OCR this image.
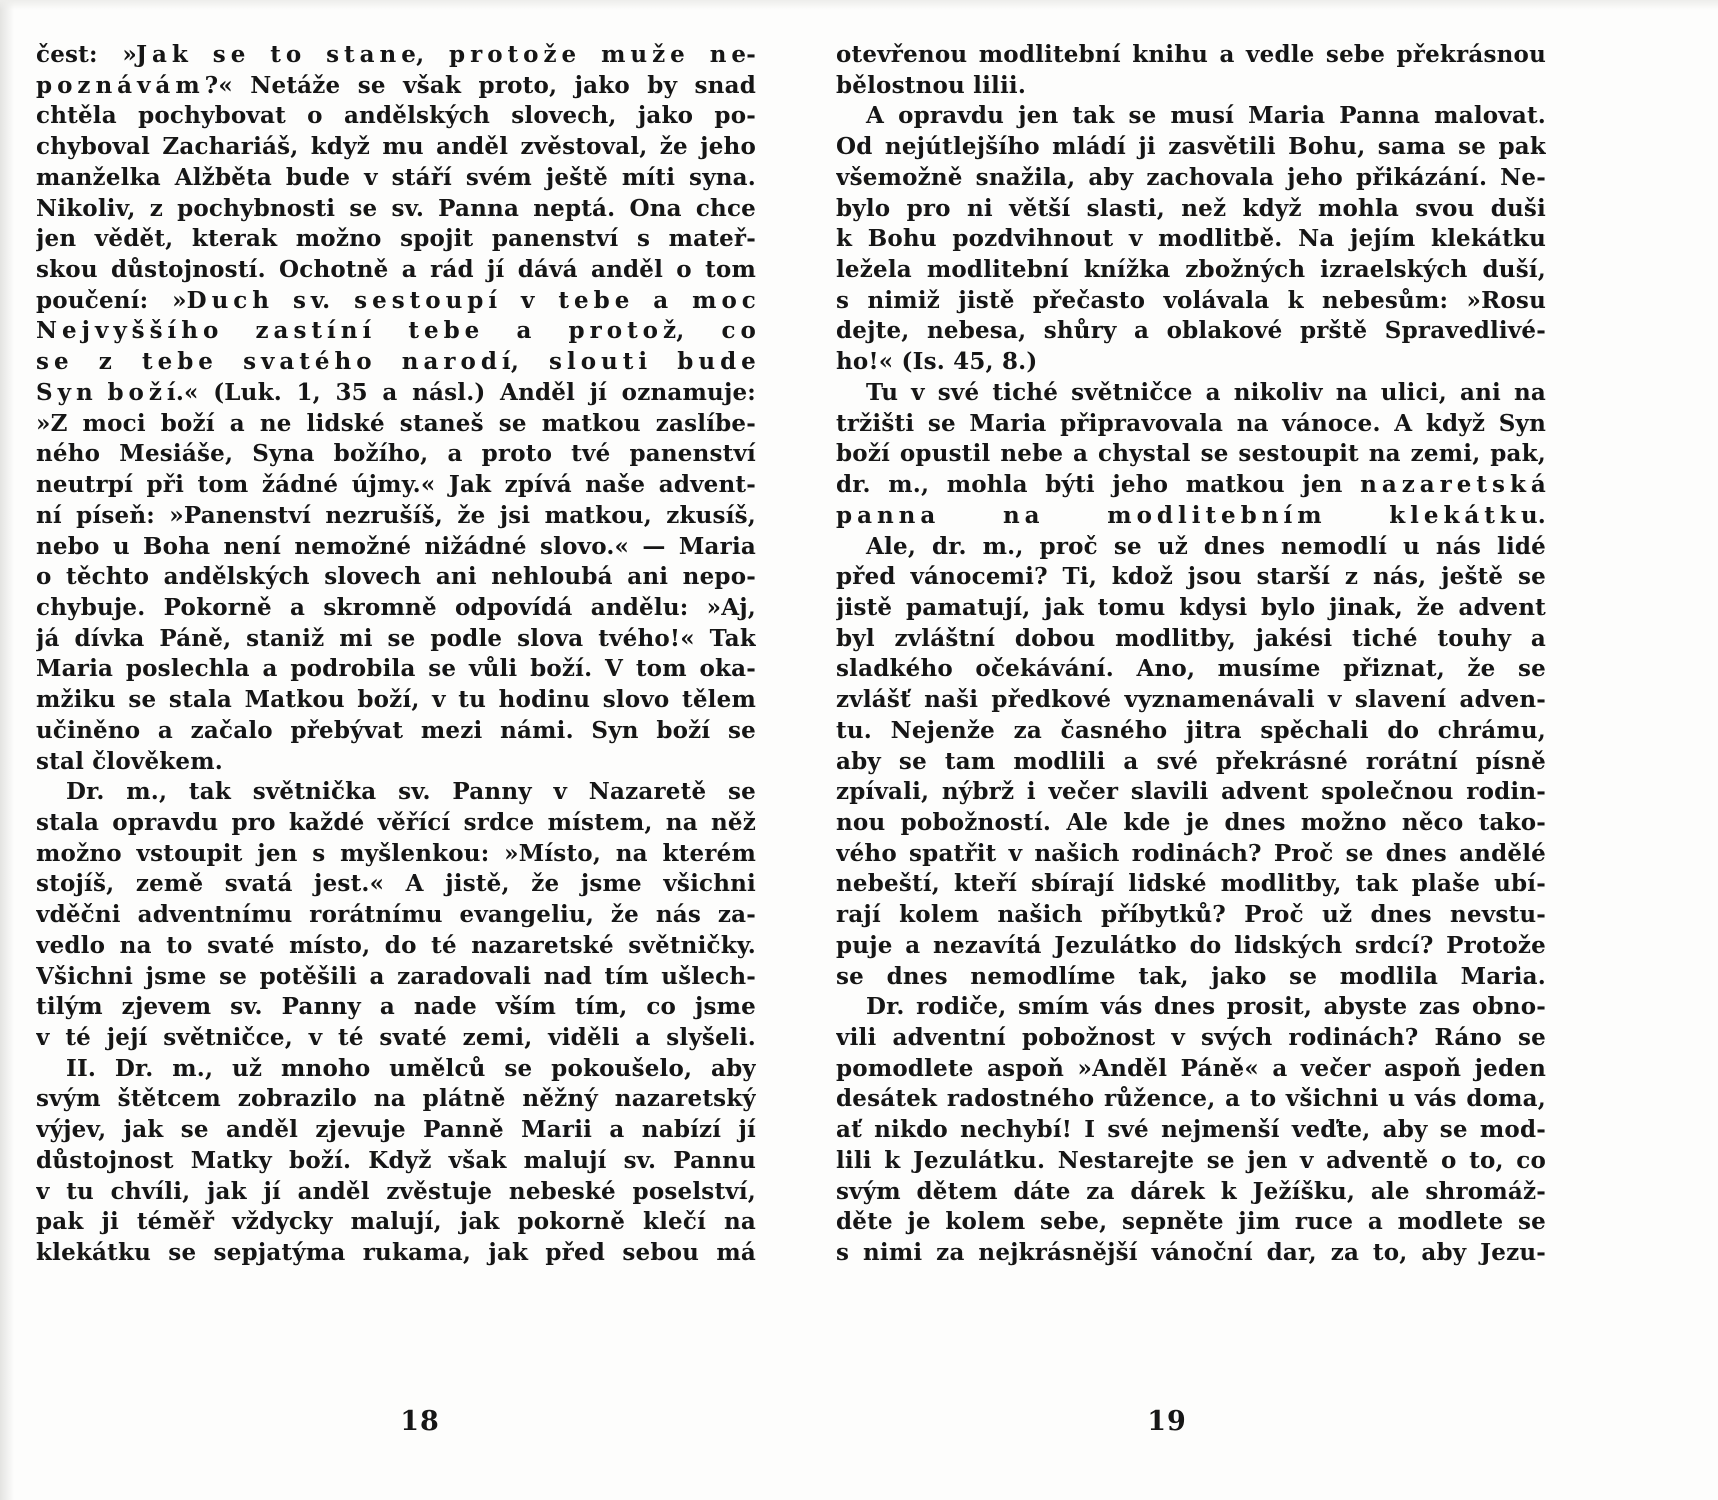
čest: »J a k s e t o s t a n e, p r o t o ž e m u ž e n e-
p o z n á v á m ?« Netáže se však proto, jako by snad
chtěla pochybovat o andělských slovech, jako po-
chyboval Zachariáš, když mu anděl zvěstoval, že jeho
manželka Alžběta bude v stáří svém ještě míti syna.
Nikoliv, z pochybnosti se sv. Panna neptá. Ona chce
jen vědět, kterak možno spojit panenství s mateř-
skou důstojností. Ochotně a rád jí dává anděl o tom
poučení: »D u c h s v. s e s t o u p í v t e b e a m o c
N e j v y š š í h o z a s t í n í t e b e a p r o t o ž, c o
s e z t e b e s v a t é h o n a r o d í, s l o u t i b u d e
S y n b o ž í.« (Luk. 1, 35 a násl.) Anděl jí oznamuje:
»Z moci boží a ne lidské staneš se matkou zaslíbe-
ného Mesiáše, Syna božího, a proto tvé panenství
neutrpí při tom žádné újmy.« Jak zpívá naše advent-
ní píseň: »Panenství nezrušíš, že jsi matkou, zkusíš,
nebo u Boha není nemožné nižádné slovo.« — Maria
o těchto andělských slovech ani nehloubá ani nepo-
chybuje. Pokorně a skromně odpovídá andělu: »Aj,
já dívka Páně, staniž mi se podle slova tvého!« Tak
Maria poslechla a podrobila se vůli boží. V tom oka-
mžiku se stala Matkou boží, v tu hodinu slovo tělem
učiněno a začalo přebývat mezi námi. Syn boží se
stal člověkem.
Dr. m., tak světnička sv. Panny v Nazaretě se
stala opravdu pro každé věřící srdce místem, na něž
možno vstoupit jen s myšlenkou: »Místo, na kterém
stojíš, země svatá jest.« A jistě, že jsme všichni
vděčni adventnímu rorátnímu evangeliu, že nás za-
vedlo na to svaté místo, do té nazaretské světničky.
Všichni jsme se potěšili a zaradovali nad tím ušlech-
tilým zjevem sv. Panny a nade vším tím, co jsme
v té její světničce, v té svaté zemi, viděli a slyšeli.
II. Dr. m., už mnoho umělců se pokoušelo, aby
svým štětcem zobrazilo na plátně něžný nazaretský
výjev, jak se anděl zjevuje Panně Marii a nabízí jí
důstojnost Matky boží. Když však malují sv. Pannu
v tu chvíli, jak jí anděl zvěstuje nebeské poselství,
pak ji téměř vždycky malují, jak pokorně klečí na
klekátku se sepjatýma rukama, jak před sebou má
otevřenou modlitební knihu a vedle sebe překrásnou
bělostnou lilii.
A opravdu jen tak se musí Maria Panna malovat.
Od nejútlejšího mládí ji zasvětili Bohu, sama se pak
všemožně snažila, aby zachovala jeho přikázání. Ne-
bylo pro ni větší slasti, než když mohla svou duši
k Bohu pozdvihnout v modlitbě. Na jejím klekátku
ležela modlitební knížka zbožných izraelských duší,
s nimiž jistě přečasto volávala k nebesům: »Rosu
dejte, nebesa, shůry a oblakové prště Spravedlivé-
ho!« (Is. 45, 8.)
Tu v své tiché světničce a nikoliv na ulici, ani na
tržišti se Maria připravovala na vánoce. A když Syn
boží opustil nebe a chystal se sestoupit na zemi, pak,
dr. m., mohla býti jeho matkou jen n a z a r e t s k á
p a n n a n a m o d l i t e b n í m k l e k á t k u.
Ale, dr. m., proč se už dnes nemodlí u nás lidé
před vánocemi? Ti, kdož jsou starší z nás, ještě se
jistě pamatují, jak tomu kdysi bylo jinak, že advent
byl zvláštní dobou modlitby, jakési tiché touhy a
sladkého očekávání. Ano, musíme přiznat, že se
zvlášť naši předkové vyznamenávali v slavení adven-
tu. Nejenže za časného jitra spěchali do chrámu,
aby se tam modlili a své překrásné rorátní písně
zpívali, nýbrž i večer slavili advent společnou rodin-
nou pobožností. Ale kde je dnes možno něco tako-
vého spatřit v našich rodinách? Proč se dnes andělé
nebeští, kteří sbírají lidské modlitby, tak plaše ubí-
rají kolem našich příbytků? Proč už dnes nevstu-
puje a nezavítá Jezulátko do lidských srdcí? Protože
se dnes nemodlíme tak, jako se modlila Maria.
Dr. rodiče, smím vás dnes prosit, abyste zas obno-
vili adventní pobožnost v svých rodinách? Ráno se
pomodlete aspoň »Anděl Páně« a večer aspoň jeden
desátek radostného růžence, a to všichni u vás doma,
ať nikdo nechybí! I své nejmenší veďte, aby se mod-
lili k Jezulátku. Nestarejte se jen v adventě o to, co
svým dětem dáte za dárek k Ježíšku, ale shromáž-
děte je kolem sebe, sepněte jim ruce a modlete se
s nimi za nejkrásnější vánoční dar, za to, aby Jezu-
18	19
